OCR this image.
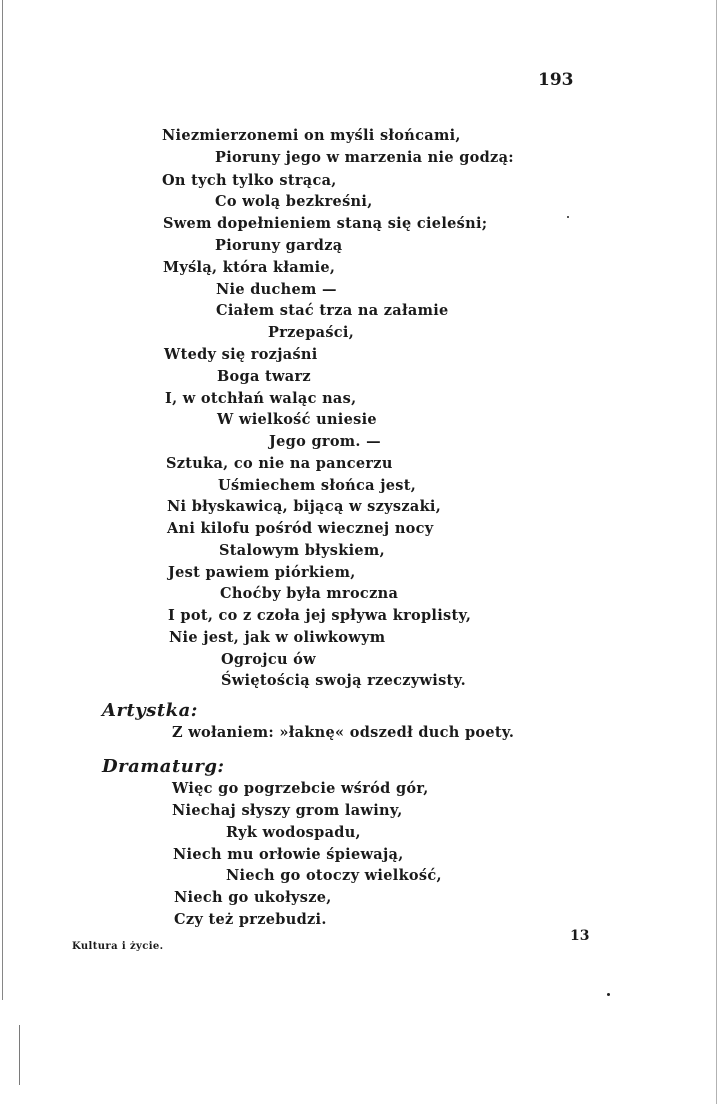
193
Niezmierzonemi on myśli słońcami,
Pioruny jego w marzenia nie godzą:
On tych tylko strąca,
Co wolą bezkreśni,
Swem dopełnieniem staną się cieleśni;
Pioruny gardzą
Myślą, która kłamie,
Nie duchem —
Ciałem stać trza na załamie
Przepaści,
Wtedy się rozjaśni
Boga twarz
I, w otchłań waląc nas,
W wielkość uniesie
Jego grom. —
Sztuka, co nie na pancerzu
Uśmiechem słońca jest,
Ni błyskawicą, bijącą w szyszaki,
Ani kilofu pośród wiecznej nocy
Stalowym błyskiem,
Jest pawiem piórkiem,
Choćby była mroczna
I pot, co z czoła jej spływa kroplisty,
Nie jest, jak w oliwkowym
Ogrojcu ów
Świętością swoją rzeczywisty.
Artystka:
Z wołaniem: »łaknę« odszedł duch poety.
Dramaturg:
Więc go pogrzebcie wśród gór,
Niechaj słyszy grom lawiny,
Ryk wodospadu,
Niech mu orłowie śpiewają,
Niech go otoczy wielkość,
Niech go ukołysze,
Czy też przebudzi.
Kultura i życie.
13
